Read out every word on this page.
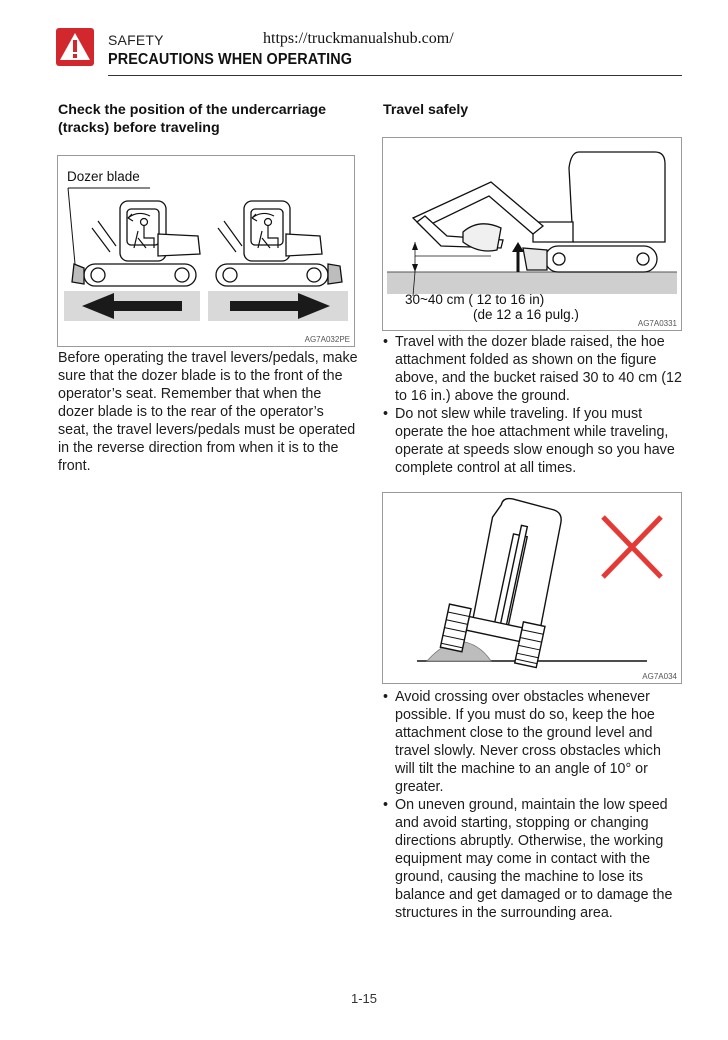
SAFETY	https://truckmanualshub.com/
PRECAUTIONS WHEN OPERATING
Check the position of the undercarriage (tracks) before traveling
Dozer blade
AG7A032PE
Before operating the travel levers/pedals, make sure that the dozer blade is to the front of the operator’s seat. Remember that when the dozer blade is to the rear of the operator’s seat, the travel levers/pedals must be operated in the reverse direction from when it is to the front.
Travel safely
30~40 cm ( 12 to 16 in)
(de 12 a 16 pulg.)
AG7A0331
• Travel with the dozer blade raised, the hoe attachment folded as shown on the figure above, and the bucket raised 30 to 40 cm (12 to 16 in.) above the ground.
• Do not slew while traveling. If you must operate the hoe attachment while traveling, operate at speeds slow enough so you have complete control at all times.
AG7A034
• Avoid crossing over obstacles whenever possible. If you must do so, keep the hoe attachment close to the ground level and travel slowly. Never cross obstacles which will tilt the machine to an angle of 10° or greater.
• On uneven ground, maintain the low speed and avoid starting, stopping or changing directions abruptly. Otherwise, the working equipment may come in contact with the ground, causing the machine to lose its balance and get damaged or to damage the structures in the surrounding area.
1-15
